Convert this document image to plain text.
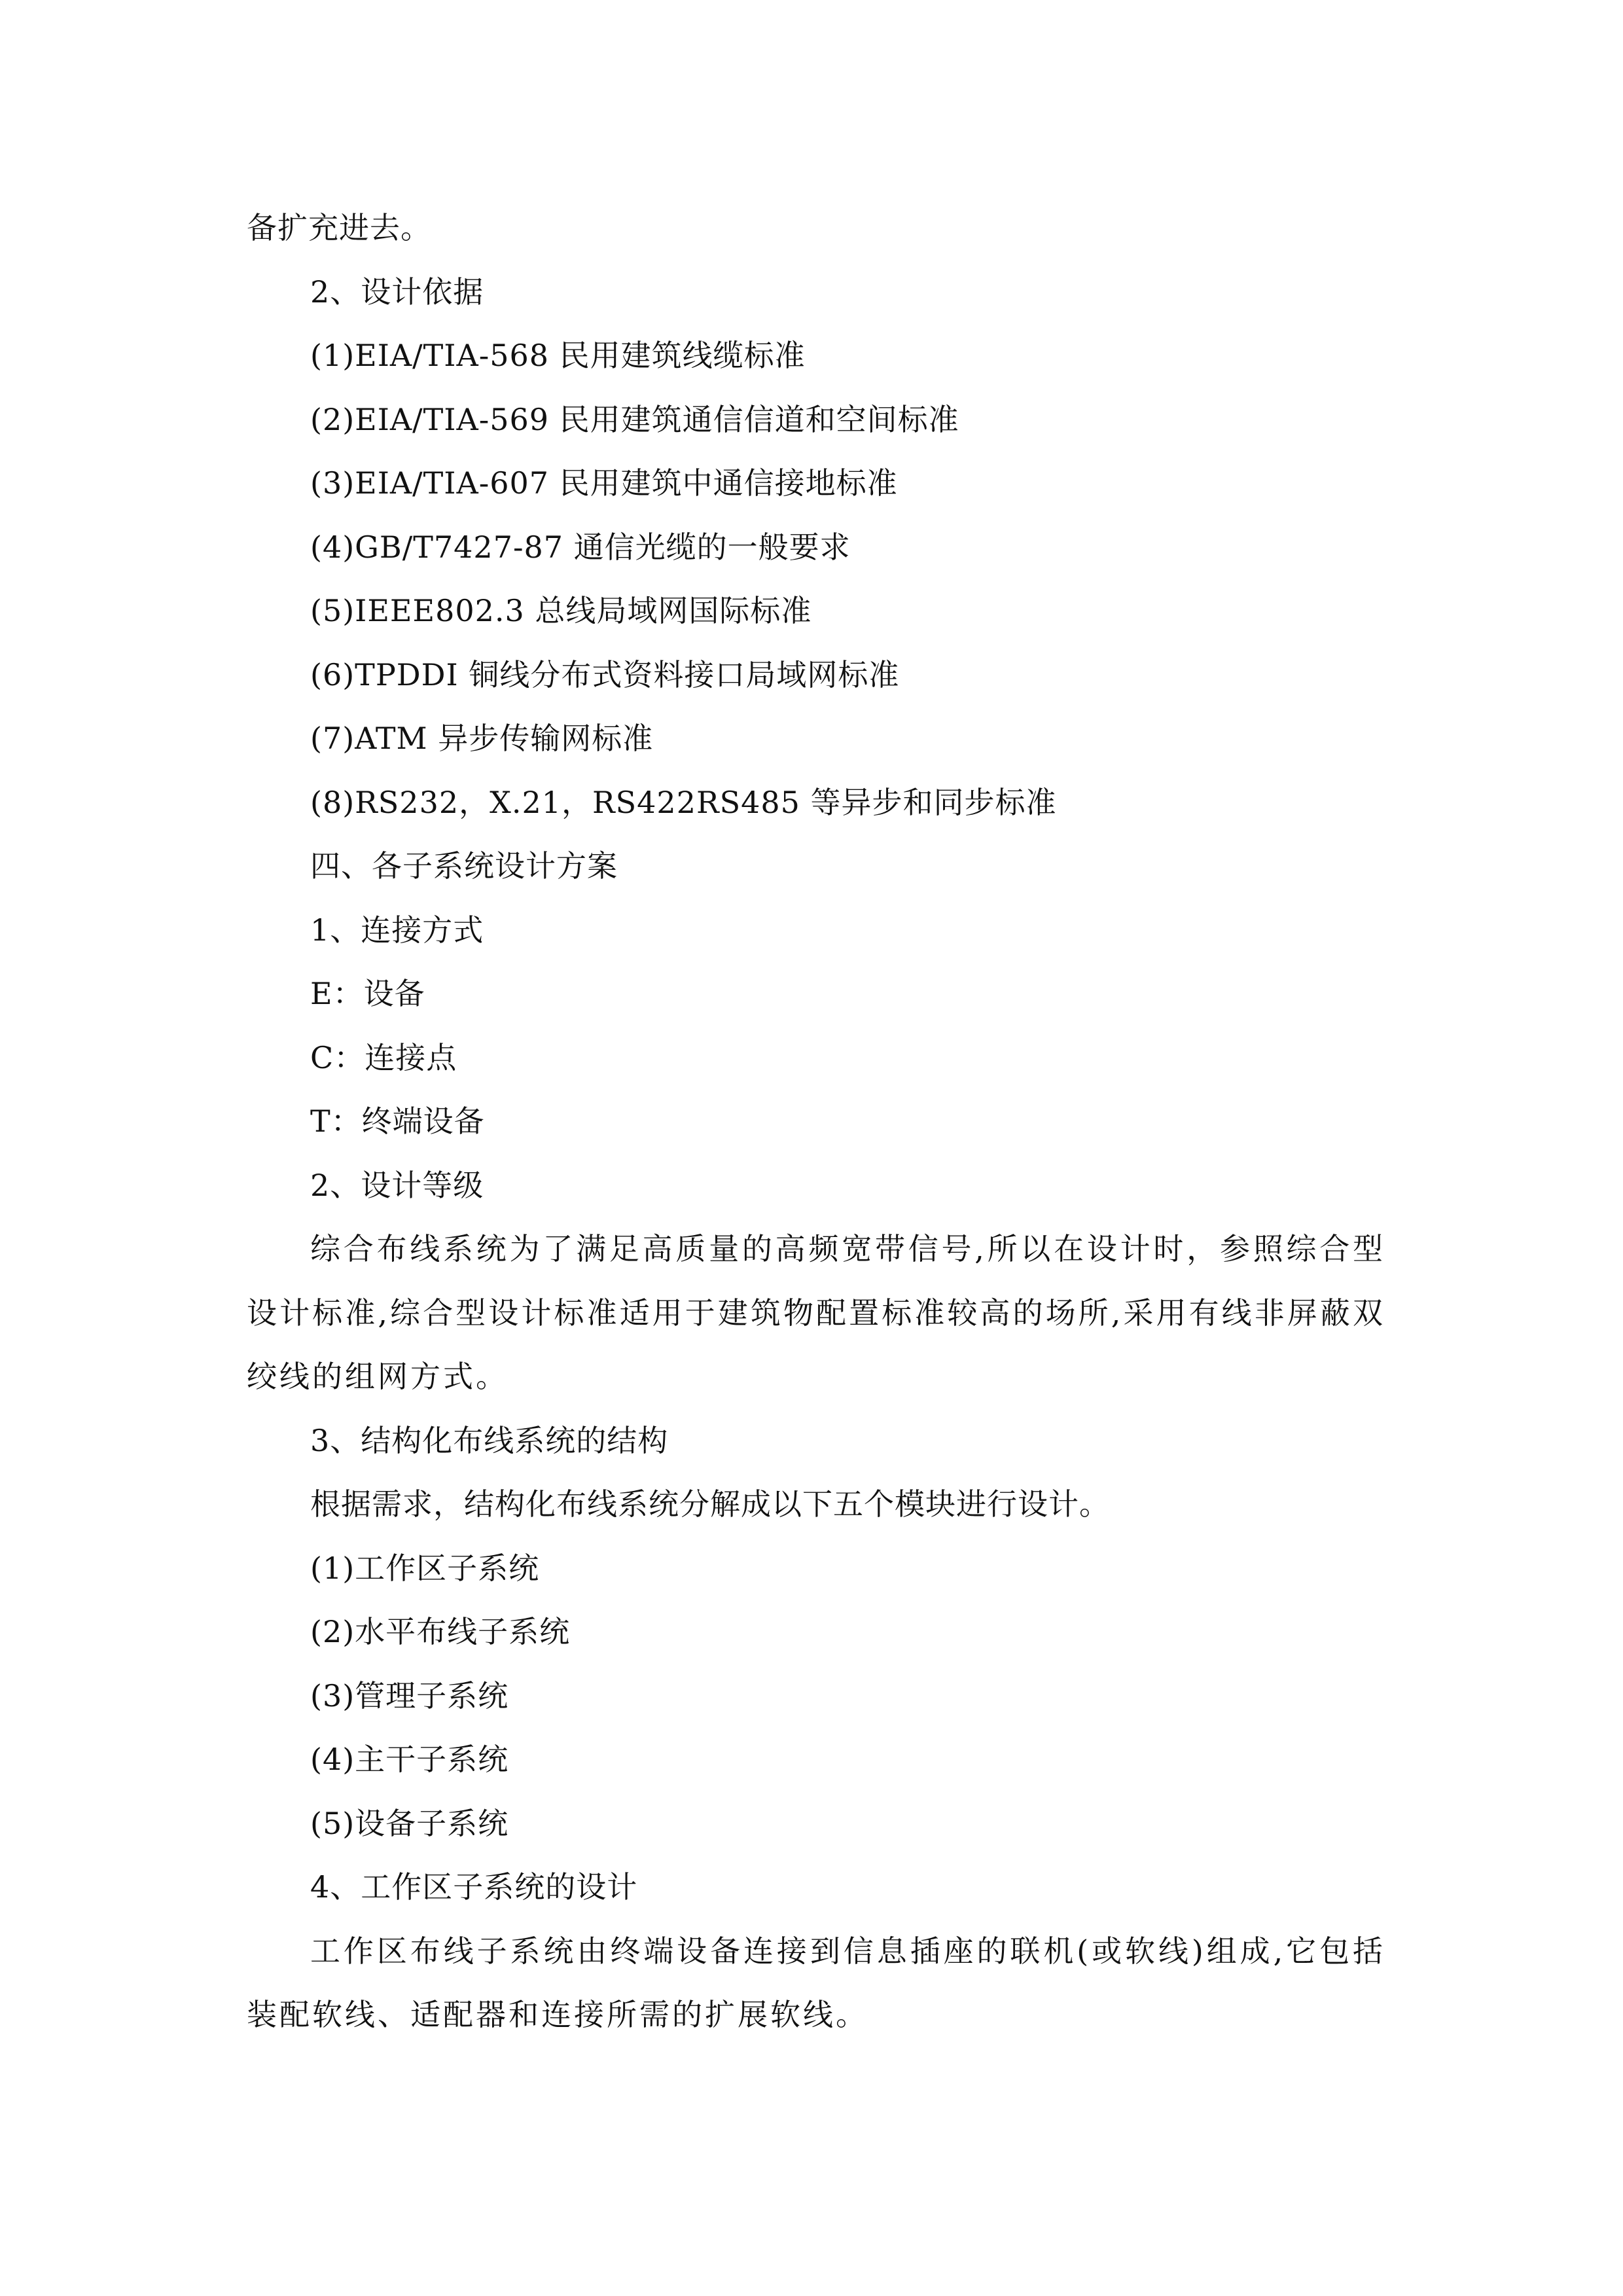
备扩充进去。
2、设计依据
(1)EIA/TIA-568 民用建筑线缆标准
(2)EIA/TIA-569 民用建筑通信信道和空间标准
(3)EIA/TIA-607 民用建筑中通信接地标准
(4)GB/T7427-87 通信光缆的一般要求
(5)IEEE802.3 总线局域网国际标准
(6)TPDDI 铜线分布式资料接口局域网标准
(7)ATM 异步传输网标准
(8)RS232，X.21，RS422RS485 等异步和同步标准
四、各子系统设计方案
1、连接方式
E：设备
C：连接点
T：终端设备
2、设计等级
综合布线系统为了满足高质量的高频宽带信号,所以在设计时，参照综合型设计标准,综合型设计标准适用于建筑物配置标准较高的场所,采用有线非屏蔽双绞线的组网方式。
3、结构化布线系统的结构
根据需求，结构化布线系统分解成以下五个模块进行设计。
(1)工作区子系统
(2)水平布线子系统
(3)管理子系统
(4)主干子系统
(5)设备子系统
4、工作区子系统的设计
工作区布线子系统由终端设备连接到信息插座的联机(或软线)组成,它包括装配软线、适配器和连接所需的扩展软线。
